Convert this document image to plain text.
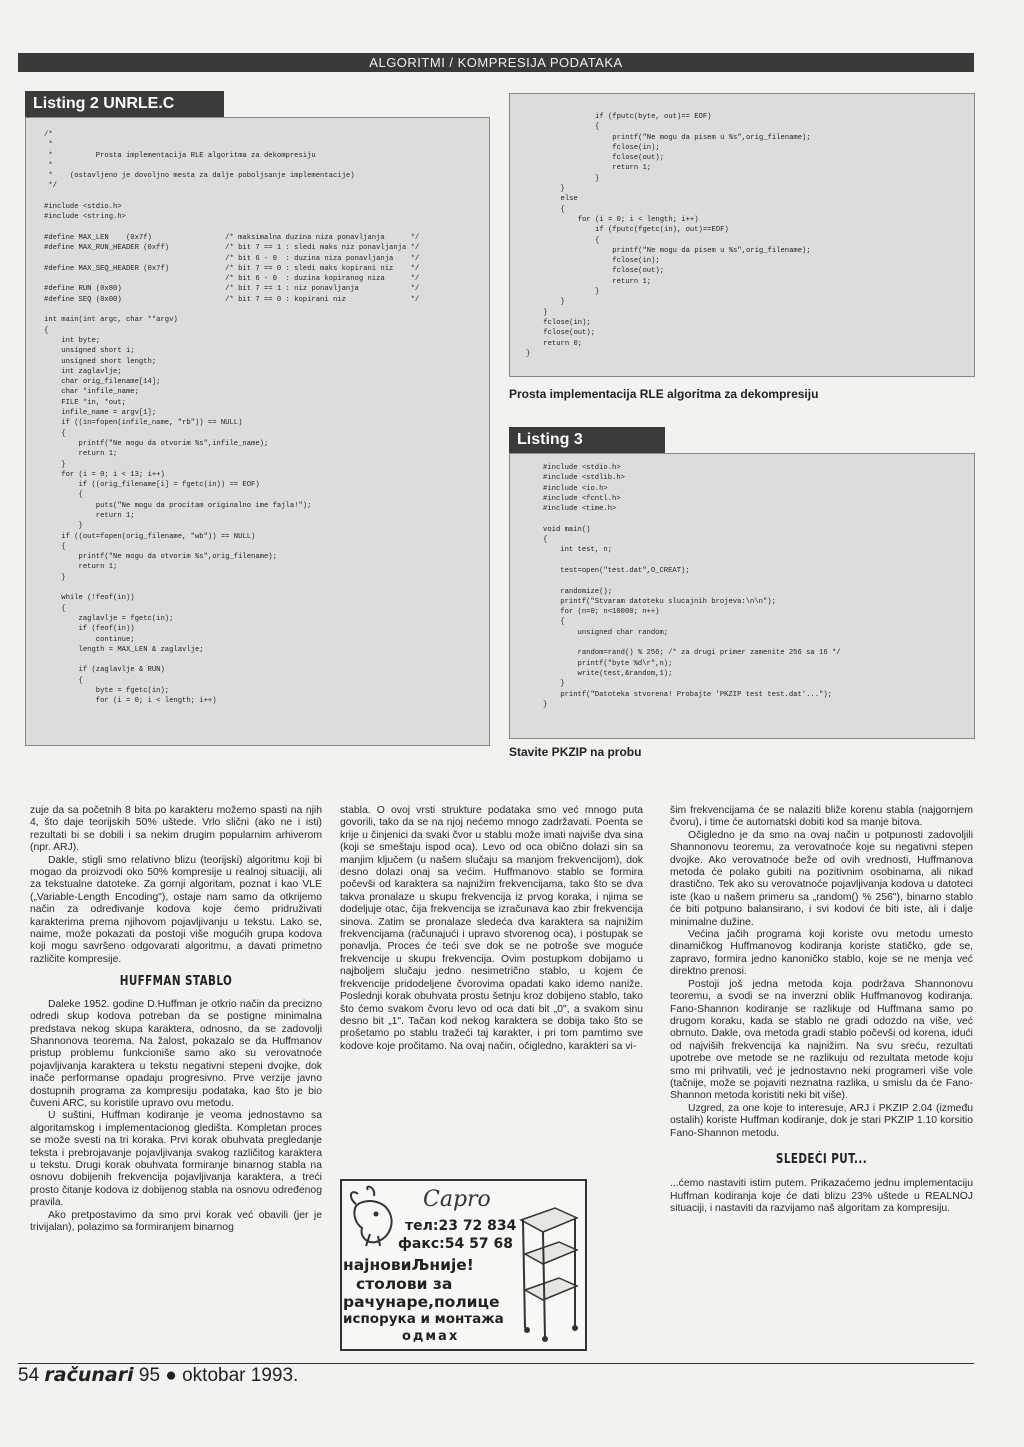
ALGORITMI / KOMPRESIJA PODATAKA
Listing 2 UNRLE.C
/*
*
*          Prosta implementacija RLE algoritma za dekompresiju
*
*    (ostavljeno je dovoljno mesta za dalje poboljsanje implementacije)
*/

#include <stdio.h>
#include <string.h>

#define MAX_LEN    (0x7f)                 /* maksimalna duzina niza ponavljanja      */
#define MAX_RUN_HEADER (0xff)             /* bit 7 == 1 : sledi maks niz ponavljanja */
/* bit 6 - 0  : duzina niza ponavljanja    */
#define MAX_SEQ_HEADER (0x7f)             /* bit 7 == 0 : sledi maks kopirani niz    */
/* bit 6 - 0  : duzina kopiranog niza      */
#define RUN (0x80)                        /* bit 7 == 1 : niz ponavljanja            */
#define SEQ (0x00)                        /* bit 7 == 0 : kopirani niz               */

int main(int argc, char **argv)
{
int byte;
unsigned short i;
unsigned short length;
int zaglavlje;
char orig_filename[14];
char *infile_name;
FILE *in, *out;
infile_name = argv[1];
if ((in=fopen(infile_name, "rb")) == NULL)
{
printf("Ne mogu da otvorim %s",infile_name);
return 1;
}
for (i = 0; i < 13; i++)
if ((orig_filename[i] = fgetc(in)) == EOF)
{
puts("Ne mogu da procitam originalno ime fajla!");
return 1;
}
if ((out=fopen(orig_filename, "wb")) == NULL)
{
printf("Ne mogu da otvorim %s",orig_filename);
return 1;
}

while (!feof(in))
{
zaglavlje = fgetc(in);
if (feof(in))
continue;
length = MAX_LEN & zaglavlje;

if (zaglavlje & RUN)
{
byte = fgetc(in);
for (i = 0; i < length; i++)
if (fputc(byte, out)== EOF)
{
printf("Ne mogu da pisem u %s",orig_filename);
fclose(in);
fclose(out);
return 1;
}
}
else
{
for (i = 0; i < length; i++)
if (fputc(fgetc(in), out)==EOF)
{
printf("Ne mogu da pisem u %s",orig_filename);
fclose(in);
fclose(out);
return 1;
}
}
}
fclose(in);
fclose(out);
return 0;
}
Prosta implementacija RLE algoritma za dekompresiju
Listing 3
#include <stdio.h>
#include <stdlib.h>
#include <io.h>
#include <fcntl.h>
#include <time.h>

void main()
{
int test, n;

test=open("test.dat",O_CREAT);

randomize();
printf("Stvaram datoteku slucajnih brojeva:\n\n");
for (n=0; n<10000; n++)
{
unsigned char random;

random=rand() % 256; /* za drugi primer zamenite 256 sa 16 */
printf("byte %d\r",n);
write(test,&random,1);
}
printf("Datoteka stvorena! Probajte 'PKZIP test test.dat'...");
}
Stavite PKZIP na probu

zuje da sa početnih 8 bita po karakteru možemo spasti na njih 4, što daje teorijskih 50% uštede. Vrlo slični (ako ne i isti) rezultati bi se dobili i sa nekim drugim popularnim arhiverom (npr. ARJ).

Dakle, stigli smo relativno blizu (teorijski) algoritmu koji bi mogao da proizvodi oko 50% kompresije u realnoj situaciji, ali za tekstualne datoteke. Za gornji algoritam, poznat i kao VLE („Variable-Length Encoding"), ostaje nam samo da otkrijemo način za određivanje kodova koje ćemo pridruživati karakterima prema njihovom pojavljivanju u tekstu. Lako se, naime, može pokazati da postoji više mogućih grupa kodova koji mogu savršeno odgovarati algoritmu, a davati primetno različite kompresije.

HUFFMAN STABLO

Daleke 1952. godine D.Huffman je otkrio način da precizno odredi skup kodova potreban da se postigne minimalna predstava nekog skupa karaktera, odnosno, da se zadovolji Shannonova teorema. Na žalost, pokazalo se da Huffmanov pristup problemu funkcioniše samo ako su verovatnoće pojavljivanja karaktera u tekstu negativni stepeni dvojke, dok inače performanse opadaju progresivno. Prve verzije javno dostupnih programa za kompresiju podataka, kao što je bio čuveni ARC, su koristile upravo ovu metodu.

U suštini, Huffman kodiranje je veoma jednostavno sa algoritamskog i implementacionog gledišta. Kompletan proces se može svesti na tri koraka. Prvi korak obuhvata pregledanje teksta i prebrojavanje pojavljivanja svakog različitog karaktera u tekstu. Drugi korak obuhvata formiranje binarnog stabla na osnovu dobijenih frekvencija pojavljivanja karaktera, a treći prosto čitanje kodova iz dobijenog stabla na osnovu određenog pravila.

Ako pretpostavimo da smo prvi korak već obavili (jer je trivijalan), polazimo sa formiranjem binarnog

stabla. O ovoj vrsti strukture podataka smo već mnogo puta govorili, tako da se na njoj nećemo mnogo zadržavati. Poenta se krije u činjenici da svaki čvor u stablu može imati najviše dva sina (koji se smeštaju ispod oca). Levo od oca obično dolazi sin sa manjim ključem (u našem slučaju sa manjom frekvencijom), dok desno dolazi onaj sa većim. Huffmanovo stablo se formira počevši od karaktera sa najnižim frekvencijama, tako što se dva takva pronalaze u skupu frekvencija iz prvog koraka, i njima se dodeljuje otac, čija frekvencija se izračunava kao zbir frekvencija sinova. Zatim se pronalaze sledeća dva karaktera sa najnižim frekvencijama (računajući i upravo stvorenog oca), i postupak se ponavlja. Proces će teći sve dok se ne potroše sve moguće frekvencije u skupu frekvencija. Ovim postupkom dobijamo u najboljem slučaju jedno nesimetrično stablo, u kojem će frekvencije pridodeljene čvorovima opadati kako idemo naniže. Poslednji korak obuhvata prostu šetnju kroz dobijeno stablo, tako što ćemo svakom čvoru levo od oca dati bit „0", a svakom sinu desno bit „1". Tačan kod nekog karaktera se dobija tako što se prošetamo po stablu tražeći taj karakter, i pri tom pamtimo sve kodove koje pročitamo. Na ovaj način, očigledno, karakteri sa vi-

Capro
тел:23 72 834
факс:54 57 68
најновиЉније!
столови за
рачунаре,полице
испорука и монтажа
одмах

šim frekvencijama će se nalaziti bliže korenu stabla (najgornjem čvoru), i time će automatski dobiti kod sa manje bitova.

Očigledno je da smo na ovaj način u potpunosti zadovoljili Shannonovu teoremu, za verovatnoće koje su negativni stepen dvojke. Ako verovatnoće beže od ovih vrednosti, Huffmanova metoda će polako gubiti na pozitivnim osobinama, ali nikad drastično. Tek ako su verovatnoće pojavljivanja kodova u datoteci iste (kao u našem primeru sa „random() % 256"), binarno stablo će biti potpuno balansirano, i svi kodovi će biti iste, ali i dalje minimalne dužine.

Većina jačih programa koji koriste ovu metodu umesto dinamičkog Huffmanovog kodiranja koriste statičko, gde se, zapravo, formira jedno kanoničko stablo, koje se ne menja već direktno prenosi.

Postoji još jedna metoda koja podržava Shannonovu teoremu, a svodi se na inverzni oblik Huffmanovog kodiranja. Fano-Shannon kodiranje se razlikuje od Huffmana samo po drugom koraku, kada se stablo ne gradi odozdo na više, već obrnuto. Dakle, ova metoda gradi stablo počevši od korena, idući od najviših frekvencija ka najnižim. Na svu sreću, rezultati upotrebe ove metode se ne razlikuju od rezultata metode koju smo mi prihvatili, već je jednostavno neki programeri više vole (tačnije, može se pojaviti neznatna razlika, u smislu da će Fano-Shannon metoda koristiti neki bit više).

Uzgred, za one koje to interesuje, ARJ i PKZIP 2.04 (između ostalih) koriste Huffman kodiranje, dok je stari PKZIP 1.10 korsitio Fano-Shannon metodu.

SLEDEĆI PUT...

...ćemo nastaviti istim putem. Prikazaćemo jednu implementaciju Huffman kodiranja koje će dati blizu 23% uštede u REALNOJ situaciji, i nastaviti da razvijamo naš algoritam za kompresiju.

54 računari 95 ● oktobar 1993.
